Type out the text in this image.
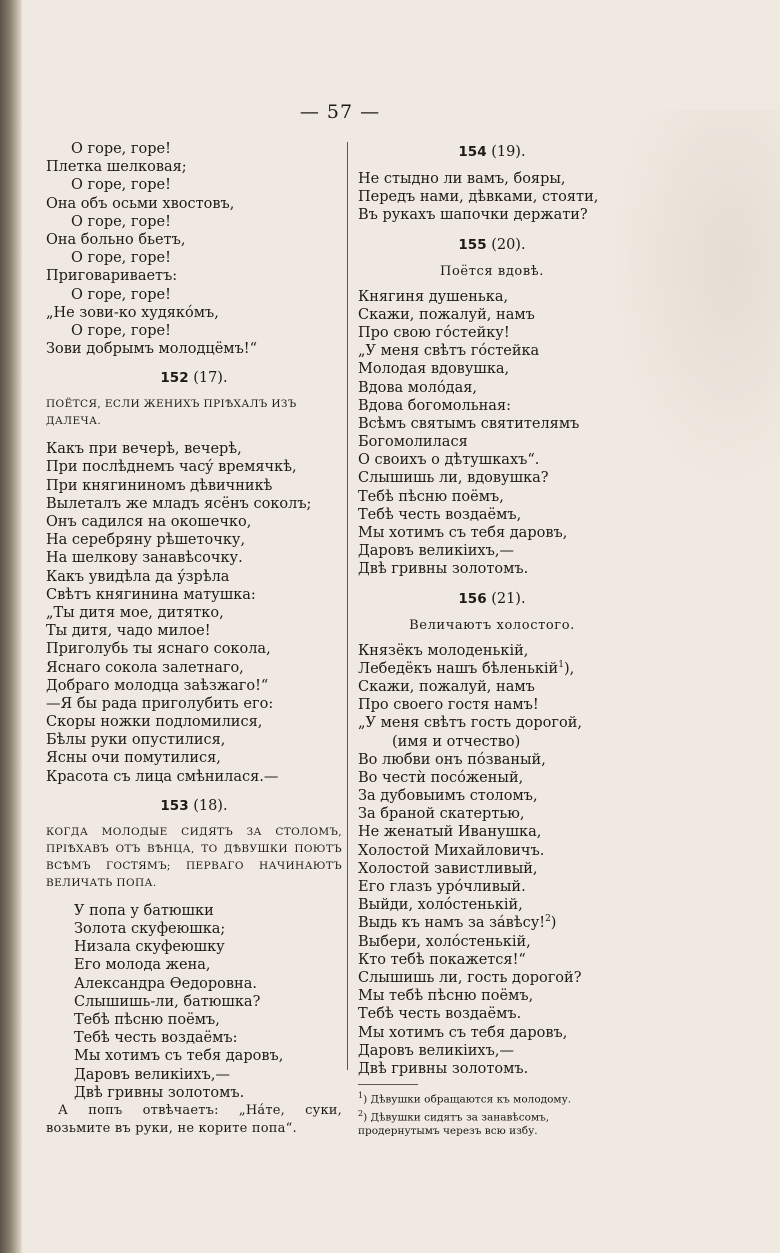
— 57 —
О горе, горе!
Плетка шелковая;
О горе, горе!
Она объ осьми хвостовъ,
О горе, горе!
Она больно бьетъ,
О горе, горе!
Приговариваетъ:
О горе, горе!
„Не зови-ко худякóмъ,
О горе, горе!
Зови добрымъ молодцёмъ!“
152 (17).
ПОЁТСЯ, ЕСЛИ ЖЕНИХЪ ПРІѢХАЛЪ ИЗЪ ДАЛЕЧА.
Какъ при вечерѣ, вечерѣ,
При послѣднемъ часý времячкѣ,
При княгининомъ дѣвичникѣ
Вылеталъ же младъ ясёнъ соколъ;
Онъ садился на окошечко,
На серебряну рѣшеточку,
На шелкову занавѣсочку.
Какъ увидѣла да ýзрѣла
Свѣтъ княгинина матушка:
„Ты дитя мое, дитятко,
Ты дитя, чадо милое!
Приголубь ты яснаго сокола,
Яснаго сокола залетнаго,
Добраго молодца заѣзжаго!“
—Я бы рада приголубить его:
Скоры ножки подломилися,
Бѣлы руки опустилися,
Ясны очи помутилися,
Красота съ лица смѣнилася.—
153 (18).
КОГДА МОЛОДЫЕ СИДЯТЪ ЗА СТОЛОМЪ, ПРІѢХАВЪ ОТЪ ВѢНЦА, ТО ДѢВУШКИ ПОЮТЪ ВСѢМЪ ГОСТЯМЪ; ПЕРВАГО НАЧИНАЮТЪ ВЕЛИЧАТЬ ПОПА.
У попа у батюшки
Золота скуфеюшка;
Низала скуфеюшку
Его молода жена,
Александра Өедоровна.
Слышишь-ли, батюшка?
Тебѣ пѣсню поёмъ,
Тебѣ честь воздаёмъ:
Мы хотимъ съ тебя даровъ,
Даровъ великіихъ,—
Двѣ гривны золотомъ.

А попъ отвѣчаетъ: „Нáте, суки, возьмите въ руки, не корите попа“.

154 (19).
Не стыдно ли вамъ, бояры,
Передъ нами, дѣвками, стояти,
Въ рукахъ шапочки держати?
155 (20).
Поётся вдовѣ.
Княгиня душенька,
Скажи, пожалуй, намъ
Про свою гóстейку!
„У меня свѣтъ гóстейка
Молодая вдовушка,
Вдова молóдая,
Вдова богомольная:
Всѣмъ святымъ святителямъ
Богомолилася
О своихъ о дѣтушкахъ“.
Слышишь ли, вдовушка?
Тебѣ пѣсню поёмъ,
Тебѣ честь воздаёмъ,
Мы хотимъ съ тебя даровъ,
Даровъ великіихъ,—
Двѣ гривны золотомъ.
156 (21).
Величаютъ холостого.
Князёкъ молоденькій,
Лебедёкъ нашъ бѣленькій$^1$),
Скажи, пожалуй, намъ
Про своего гостя намъ!
„У меня свѣтъ гость дорогой,
(имя и отчество)
Во любви онъ пóзваный,
Во честѝ посóженый,
За дубовыимъ столомъ,
За браной скатертью,
Не женатый Иванушка,
Холостой Михайловичъ.
Холостой завистливый,
Его глазъ урóчливый.
Выйди, холóстенькій,
Выдь къ намъ за зáвѣсу!$^2$)
Выбери, холóстенькій,
Кто тебѣ покажется!“
Слышишь ли, гость дорогой?
Мы тебѣ пѣсню поёмъ,
Тебѣ честь воздаёмъ.
Мы хотимъ съ тебя даровъ,
Даровъ великіихъ,—
Двѣ гривны золотомъ.

$^1$) Дѣвушки обращаются къ молодому.

$^2$) Дѣвушки сидятъ за занавѣсомъ, продернутымъ черезъ всю избу.
